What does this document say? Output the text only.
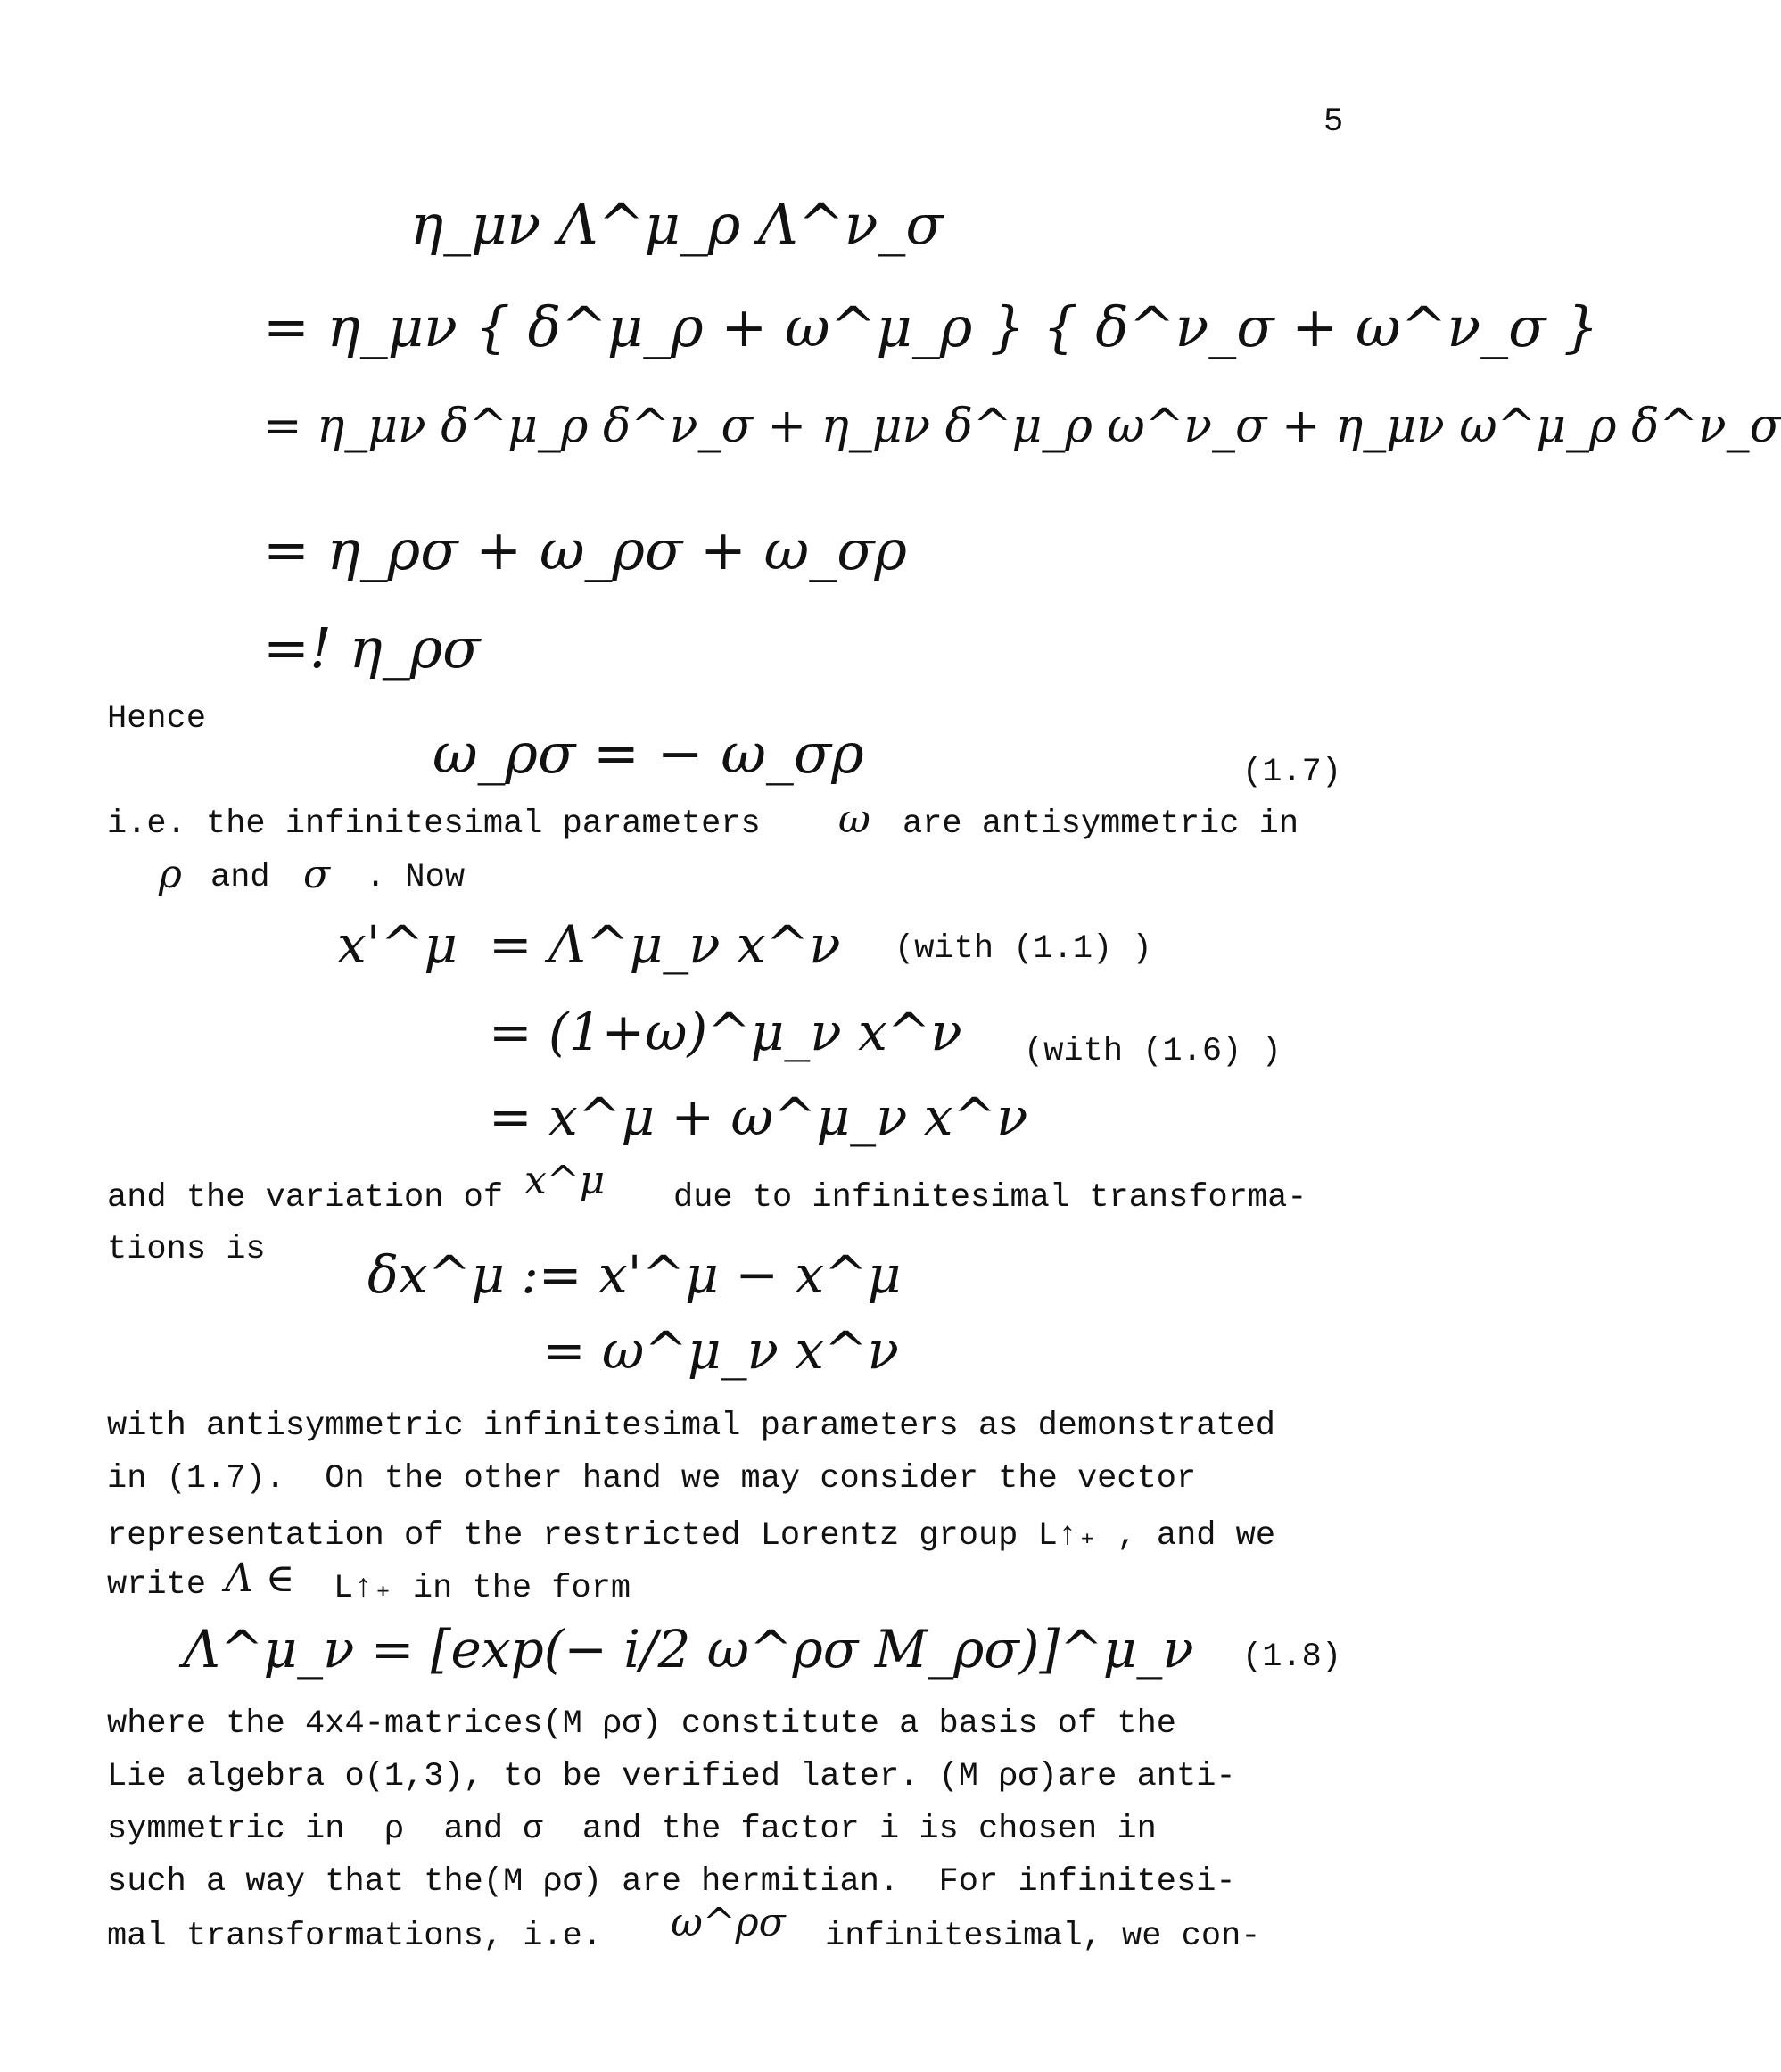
5
η_μν Λ^μ_ρ Λ^ν_σ
= η_μν { δ^μ_ρ + ω^μ_ρ } { δ^ν_σ + ω^ν_σ }
= η_μν δ^μ_ρ δ^ν_σ + η_μν δ^μ_ρ ω^ν_σ + η_μν ω^μ_ρ δ^ν_σ
= η_ρσ + ω_ρσ + ω_σρ
=! η_ρσ
Hence
ω_ρσ = − ω_σρ	(1.7)
i.e. the infinitesimal parameters ω are antisymmetric in
ρ and σ . Now
x'^μ = Λ^μ_ν x^ν (with (1.1) )
= (1+ω)^μ_ν x^ν (with (1.6) )
= x^μ + ω^μ_ν x^ν
and the variation of x^μ due to infinitesimal transforma-
tions is δx^μ := x'^μ − x^μ
= ω^μ_ν x^ν
with antisymmetric infinitesimal parameters as demonstrated
in (1.7).  On the other hand we may consider the vector
representation of the restricted Lorentz group L↑₊ , and we
write Λ ∈ L↑₊ in the form
Λ^μ_ν = [exp(− i/2 ω^ρσ M_ρσ)]^μ_ν (1.8)
where the 4x4-matrices(M ρσ) constitute a basis of the
Lie algebra o(1,3), to be verified later. (M ρσ)are anti-
symmetric in  ρ  and σ  and the factor i is chosen in
such a way that the(M ρσ) are hermitian.  For infinitesi-
mal transformations, i.e. ω^ρσ infinitesimal, we con-
